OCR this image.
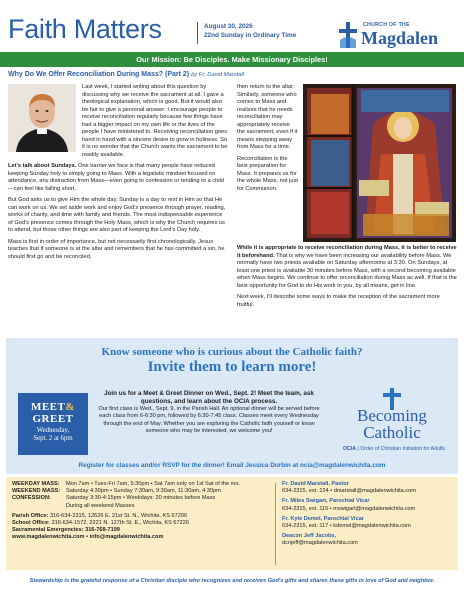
Faith Matters	August 30, 2026
22nd Sunday in Ordinary Time
CHURCH OF THE
Magdalen
Our Mission: Be Disciples. Make Missionary Disciples!
Why Do We Offer Reconciliation During Mass? (Part 2) by Fr. David Marstall

Last week, I started writing about this question by discussing why we receive the sacrament at all. I gave a theological explanation, which is good. But it would also be fair to give a personal answer: I encourage people to receive reconciliation regularly because few things have had a bigger impact on my own life or the lives of the people I have ministered to. Receiving reconciliation goes hand in hand with a sincere desire to grow in holiness. So it is no wonder that the Church wants the sacrament to be readily available.

Let's talk about Sundays. One barrier we face is that many people have reduced keeping Sunday holy to simply going to Mass. With a legalistic mindset focused on attendance, any distraction from Mass—even going to confession or tending to a child—can feel like falling short.

But God asks us to give Him the whole day. Sunday is a day to rest in Him so that He can work on us. We set aside work and enjoy God's presence through prayer, reading, works of charity, and time with family and friends. The most indispensable experience of God's presence comes through the Holy Mass, which is why the Church requires us to attend, but those other things are also part of keeping the Lord's Day holy.

Mass is first in order of importance, but not necessarily first chronologically. Jesus teaches that if someone is at the altar and remembers that he has committed a sin, he should first go and be reconciled,

then return to the altar. Similarly, someone who comes to Mass and realizes that he needs reconciliation may appropriately receive the sacrament, even if it means stepping away from Mass for a time.

Reconciliation is the best preparation for Mass. It prepares us for the whole Mass, not just for Communion.

While it is appropriate to receive reconciliation during Mass, it is better to receive it beforehand. That is why we have been increasing our availability before Mass. We normally have two priests available on Saturday afternoons at 3:30. On Sundays, at least one priest is available 30 minutes before Mass, with a second becoming available when Mass begins. We continue to offer reconciliation during Mass as well. If that is the best opportunity for God to do His work in you, by all means, get in line.

Next week, I'll describe some ways to make the reception of the sacrament more fruitful.

Know someone who is curious about the Catholic faith?
Invite them to learn more!
MEET&
GREET
Wednesday,
Sept. 2 at 6pm
Join us for a Meet & Greet Dinner on Wed., Sept. 2! Meet the team, ask questions, and learn about the OCIA process.
Our first class is Wed., Sept. 9, in the Parish Hall. An optional dinner will be served before each class from 6-6:30 pm, followed by 6:30-7:45 class. Classes meet every Wednesday through the end of May. Whether you are exploring the Catholic faith yourself or know someone who may be interested, we welcome you!
Becoming
Catholic
OCIA | Order of Christian Initiation for Adults
Register for classes and/or RSVP for the dinner! Email Jessica Durbin at ocia@magdalenwichita.com
WEEKDAY MASS:	Mon 7am • Tues-Fri 7am, 5:30pm • Sat 7am only on 1st Sat of the mo.
WEEKEND MASS:	Saturday 4:30pm • Sunday 7:30am, 9:30am, 11:30am, 4:30pm
CONFESSION:	Saturday 3:30-4:15pm • Weekdays: 20 minutes before Mass
During all weekend Masses
Parish Office: 316-634-2315, 12626 E. 21st St. N., Wichita, KS 67206
School Office: 316-634-1572, 2221 N. 127th St. E., Wichita, KS 67226
Sacramental Emergencies: 316-768-7199
www.magdalenwichita.com • info@magdalenwichita.com
Fr. David Marstall, Pastor
634-2315, ext. 124 • dmarstall@magdalenwichita.com
Fr. Miles Swigart, Parochial Vicar
634-2315, ext. 115 • mswigart@magdalenwichita.com
Fr. Kyle Demel, Parochial Vicar
634-2315, ext. 117 • kdemel@magdalenwichita.com
Deacon Jeff Jacobs,
dcnjeff@magdalenwichita.com
Stewardship is the grateful response of a Christian disciple who recognizes and receives God's gifts and shares these gifts in love of God and neighbor.
